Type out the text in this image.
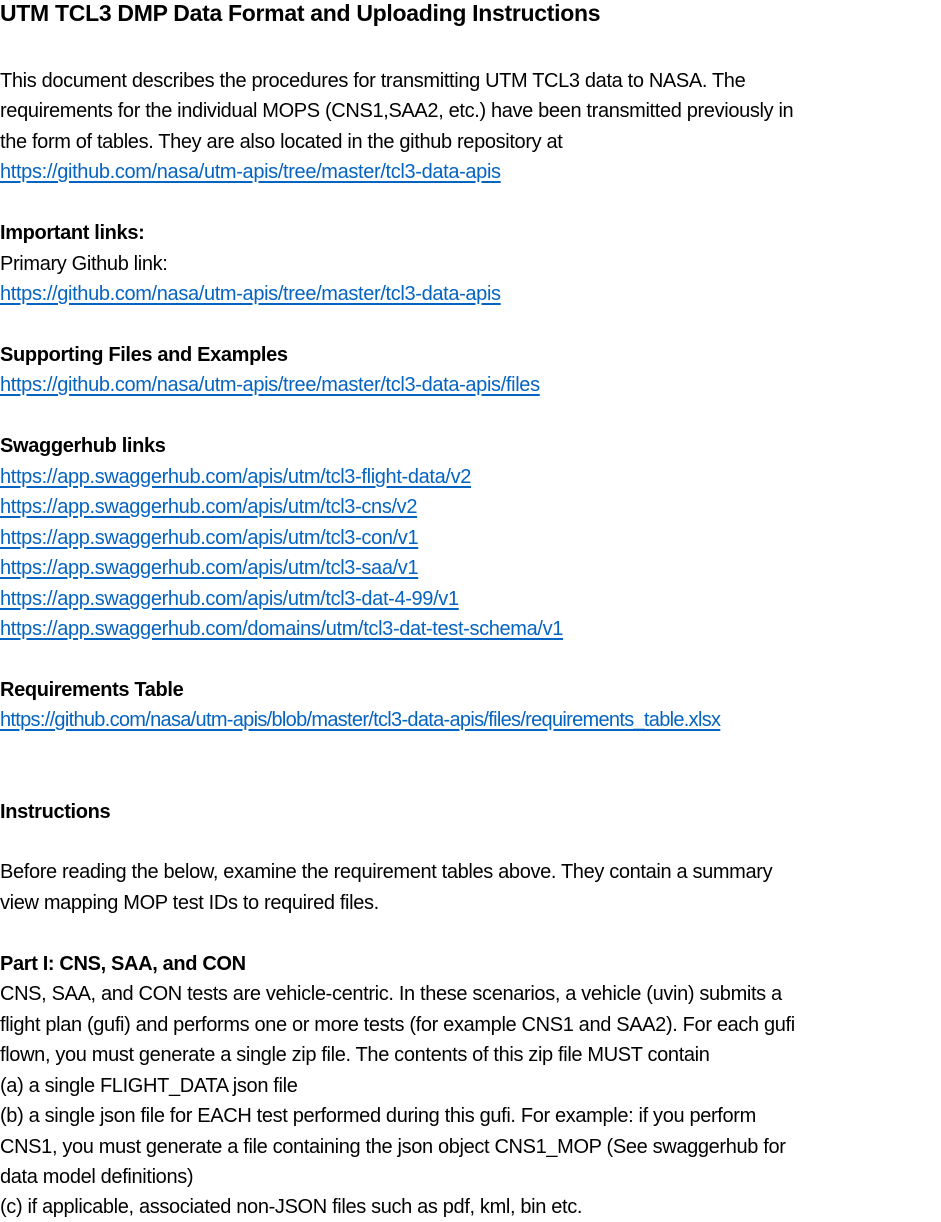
UTM TCL3 DMP Data Format and Uploading Instructions
This document describes the procedures for transmitting UTM TCL3 data to NASA. The
requirements for the individual MOPS (CNS1,SAA2, etc.) have been transmitted previously in
the form of tables. They are also located in the github repository at
https://github.com/nasa/utm-apis/tree/master/tcl3-data-apis
Important links:
Primary Github link:
https://github.com/nasa/utm-apis/tree/master/tcl3-data-apis
Supporting Files and Examples
https://github.com/nasa/utm-apis/tree/master/tcl3-data-apis/files
Swaggerhub links
https://app.swaggerhub.com/apis/utm/tcl3-flight-data/v2
https://app.swaggerhub.com/apis/utm/tcl3-cns/v2
https://app.swaggerhub.com/apis/utm/tcl3-con/v1
https://app.swaggerhub.com/apis/utm/tcl3-saa/v1
https://app.swaggerhub.com/apis/utm/tcl3-dat-4-99/v1
https://app.swaggerhub.com/domains/utm/tcl3-dat-test-schema/v1
Requirements Table
https://github.com/nasa/utm-apis/blob/master/tcl3-data-apis/files/requirements_table.xlsx
Instructions
Before reading the below, examine the requirement tables above. They contain a summary
view mapping MOP test IDs to required files.
Part I: CNS, SAA, and CON
CNS, SAA, and CON tests are vehicle-centric. In these scenarios, a vehicle (uvin) submits a
flight plan (gufi) and performs one or more tests (for example CNS1 and SAA2). For each gufi
flown, you must generate a single zip file. The contents of this zip file MUST contain
(a) a single FLIGHT_DATA json file
(b) a single json file for EACH test performed during this gufi. For example: if you perform
CNS1, you must generate a file containing the json object CNS1_MOP (See swaggerhub for
data model definitions)
(c) if applicable, associated non-JSON files such as pdf, kml, bin etc.
